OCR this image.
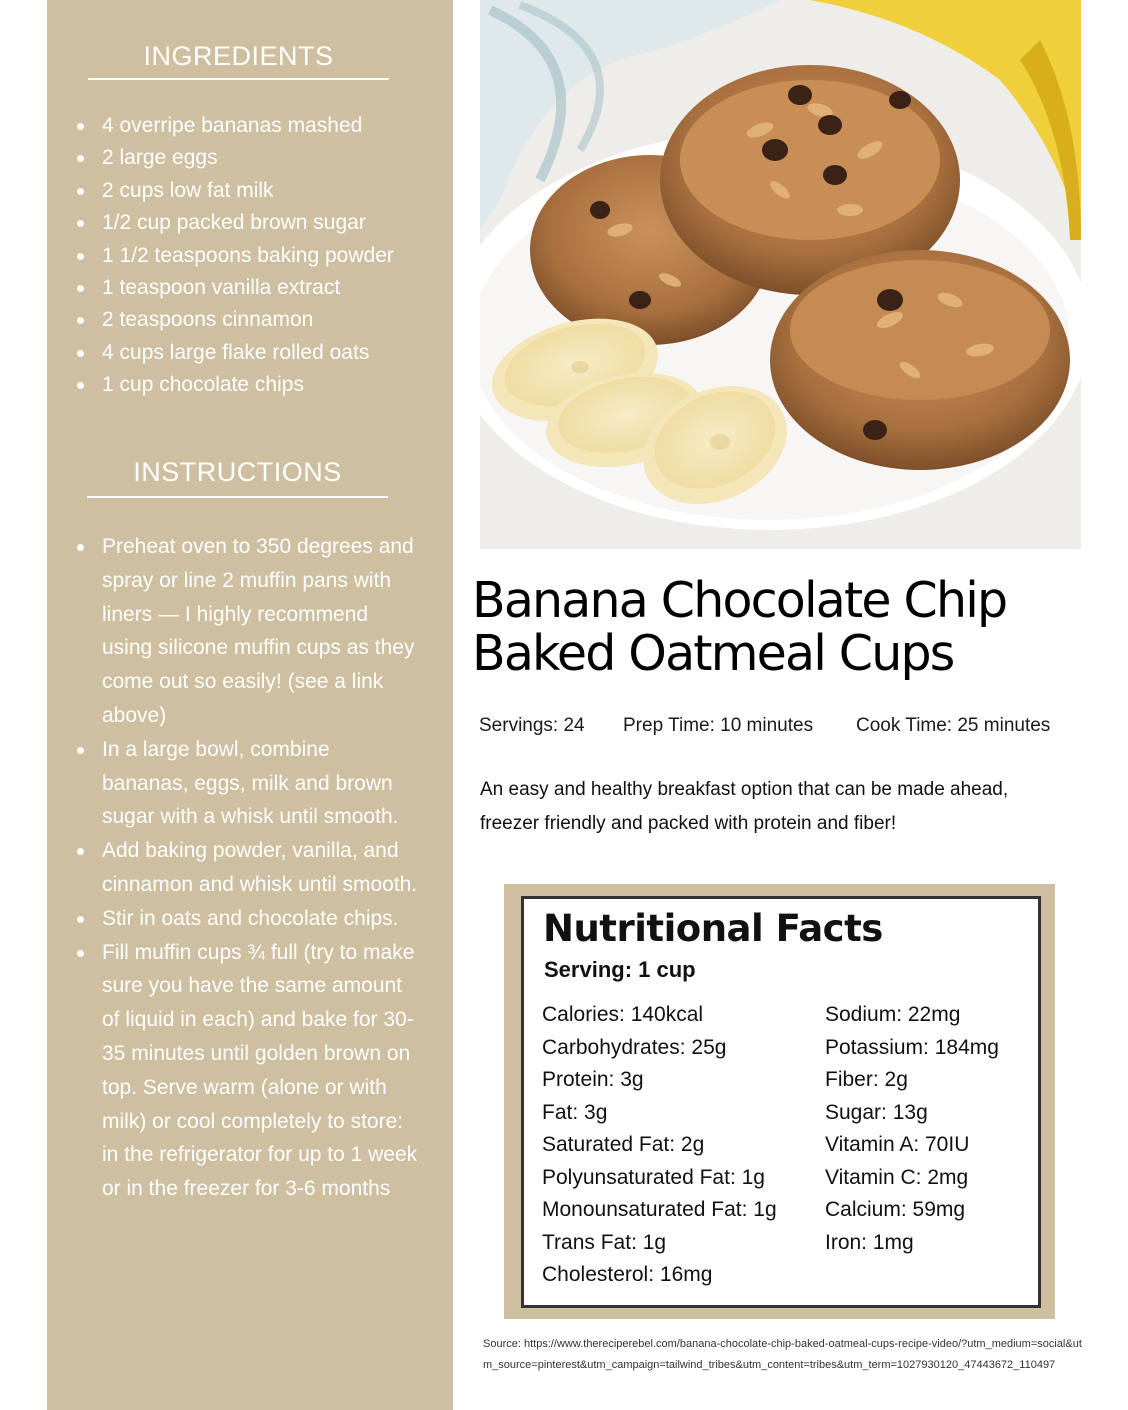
INGREDIENTS
4 overripe bananas mashed
2 large eggs
2 cups low fat milk
1/2 cup packed brown sugar
1 1/2 teaspoons baking powder
1 teaspoon vanilla extract
2 teaspoons cinnamon
4 cups large flake rolled oats
1 cup chocolate chips
INSTRUCTIONS
Preheat oven to 350 degrees and spray or line 2 muffin pans with liners — I highly recommend using silicone muffin cups as they come out so easily! (see a link above)
In a large bowl, combine bananas, eggs, milk and brown sugar with a whisk until smooth.
Add baking powder, vanilla, and cinnamon and whisk until smooth.
Stir in oats and chocolate chips.
Fill muffin cups ¾ full (try to make sure you have the same amount of liquid in each) and bake for 30-35 minutes until golden brown on top. Serve warm (alone or with milk) or cool completely to store: in the refrigerator for up to 1 week or in the freezer for 3-6 months
Banana Chocolate Chip
Baked Oatmeal Cups
Servings: 24 Prep Time: 10 minutes Cook Time: 25 minutes
An easy and healthy breakfast option that can be made ahead, freezer friendly and packed with protein and fiber!
Nutritional Facts
Serving: 1 cup
Calories: 140kcal
Carbohydrates: 25g
Protein: 3g
Fat: 3g
Saturated Fat: 2g
Polyunsaturated Fat: 1g
Monounsaturated Fat: 1g
Trans Fat: 1g
Cholesterol: 16mg
Sodium: 22mg
Potassium: 184mg
Fiber: 2g
Sugar: 13g
Vitamin A: 70IU
Vitamin C: 2mg
Calcium: 59mg
Iron: 1mg
Source: https://www.thereciperebel.com/banana-chocolate-chip-baked-oatmeal-cups-recipe-video/?utm_medium=social&utm_source=pinterest&utm_campaign=tailwind_tribes&utm_content=tribes&utm_term=1027930120_47443672_110497
